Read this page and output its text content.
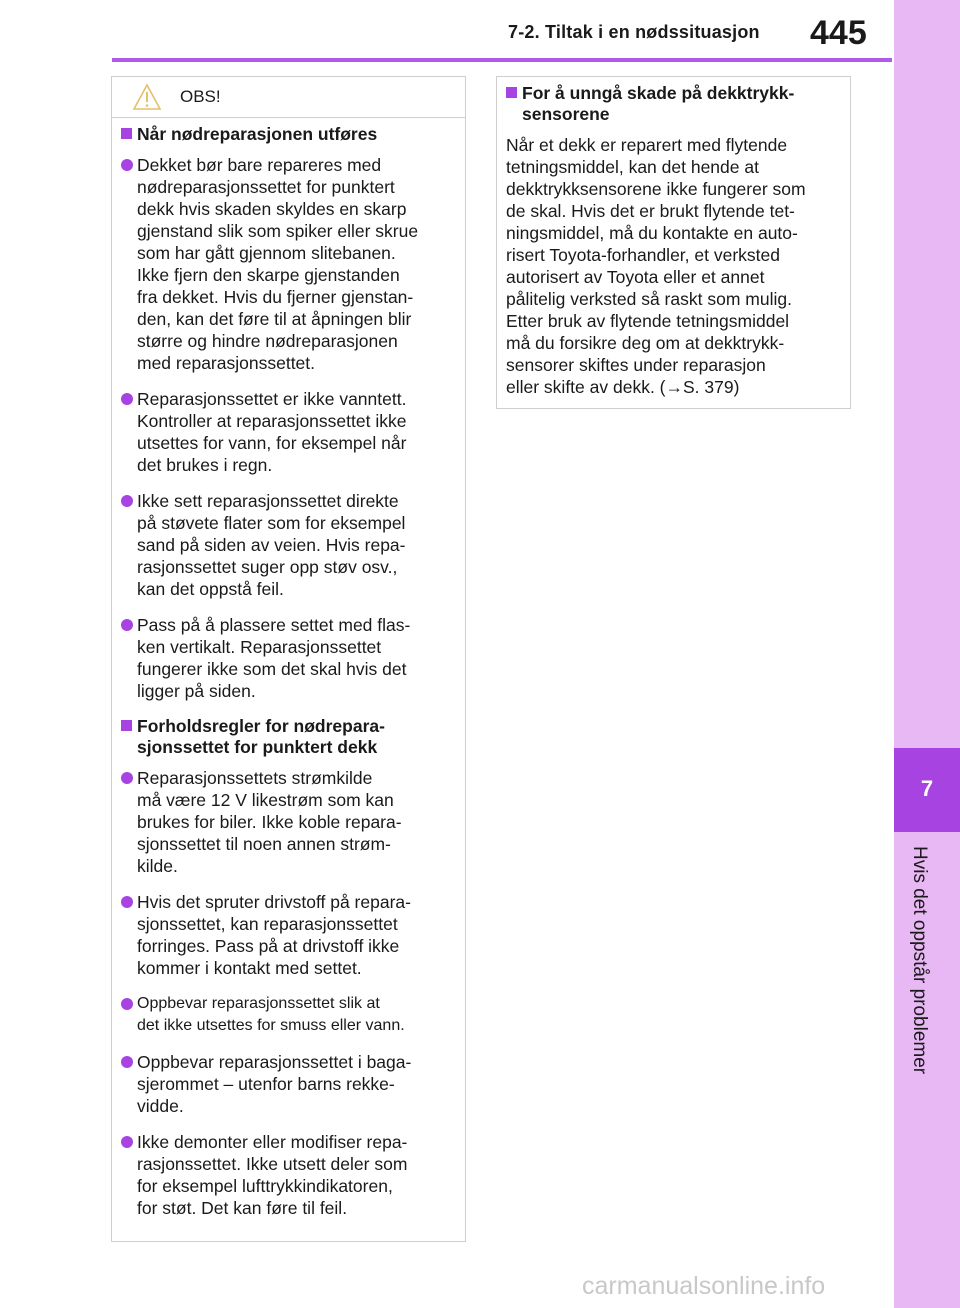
7-2. Tiltak i en nødssituasjon 445
7
Hvis det oppstår problemer
OBS!
Når nødreparasjonen utføres
Dekket bør bare repareres med
nødreparasjonssettet for punktert
dekk hvis skaden skyldes en skarp
gjenstand slik som spiker eller skrue
som har gått gjennom slitebanen.
Ikke fjern den skarpe gjenstanden
fra dekket. Hvis du fjerner gjenstan-
den, kan det føre til at åpningen blir
større og hindre nødreparasjonen
med reparasjonssettet.
Reparasjonssettet er ikke vanntett.
Kontroller at reparasjonssettet ikke
utsettes for vann, for eksempel når
det brukes i regn.
Ikke sett reparasjonssettet direkte
på støvete flater som for eksempel
sand på siden av veien. Hvis repa-
rasjonssettet suger opp støv osv.,
kan det oppstå feil.
Pass på å plassere settet med flas-
ken vertikalt. Reparasjonssettet
fungerer ikke som det skal hvis det
ligger på siden.
Forholdsregler for nødrepara-
sjonssettet for punktert dekk
Reparasjonssettets strømkilde
må være 12 V likestrøm som kan
brukes for biler. Ikke koble repara-
sjonssettet til noen annen strøm-
kilde.
Hvis det spruter drivstoff på repara-
sjonssettet, kan reparasjonssettet
forringes. Pass på at drivstoff ikke
kommer i kontakt med settet.
Oppbevar reparasjonssettet slik at
det ikke utsettes for smuss eller vann.
Oppbevar reparasjonssettet i baga-
sjerommet – utenfor barns rekke-
vidde.
Ikke demonter eller modifiser repa-
rasjonssettet. Ikke utsett deler som
for eksempel lufttrykkindikatoren,
for støt. Det kan føre til feil.
For å unngå skade på dekktrykk-
sensorene
Når et dekk er reparert med flytende
tetningsmiddel, kan det hende at
dekktrykksensorene ikke fungerer som
de skal. Hvis det er brukt flytende tet-
ningsmiddel, må du kontakte en auto-
risert Toyota-forhandler, et verksted
autorisert av Toyota eller et annet
pålitelig verksted så raskt som mulig.
Etter bruk av flytende tetningsmiddel
må du forsikre deg om at dekktrykk-
sensorer skiftes under reparasjon
eller skifte av dekk. (→S. 379)
carmanualsonline.info
